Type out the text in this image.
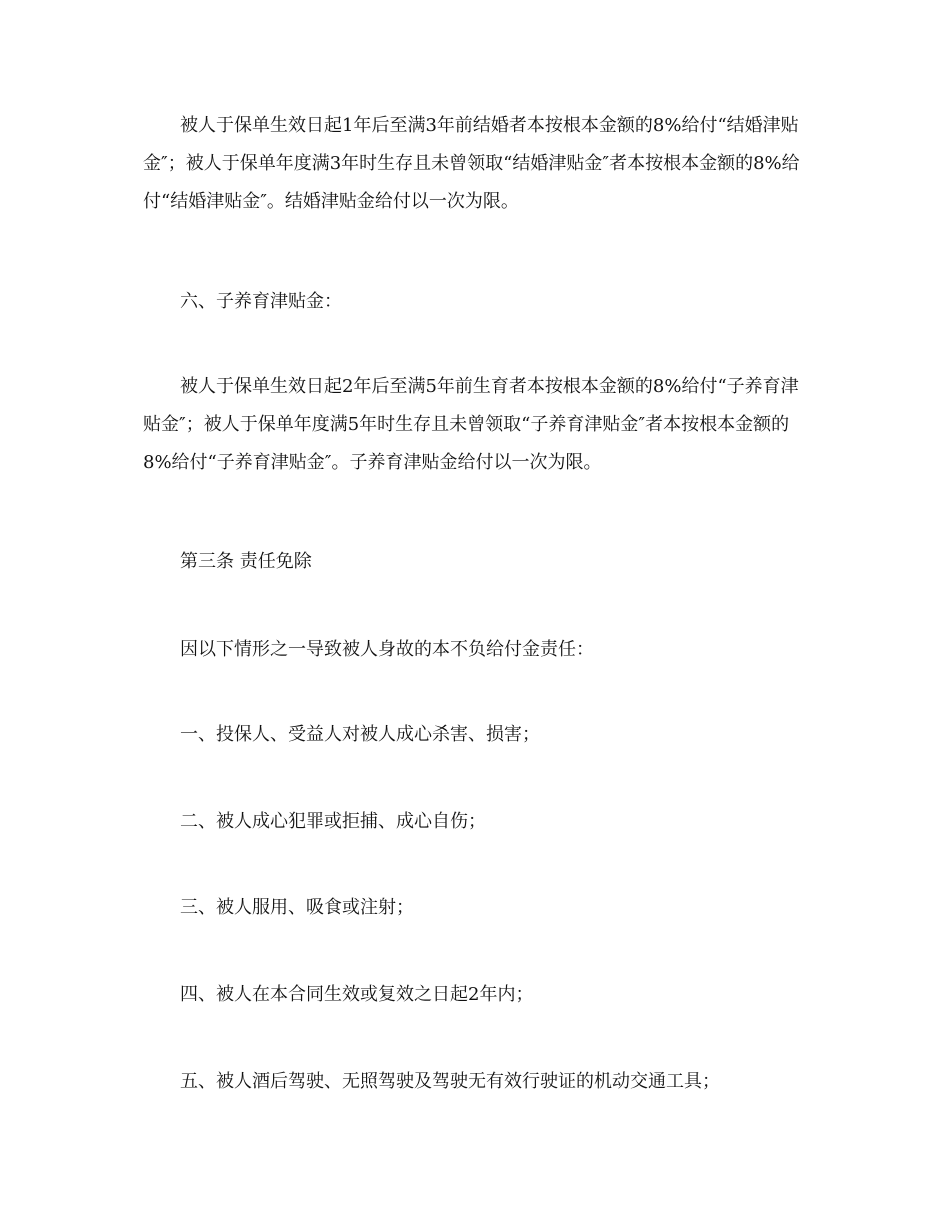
被人于保单生效日起1年后至满3年前结婚者本按根本金额的8%给付“结婚津贴金″；被人于保单年度满3年时生存且未曾领取“结婚津贴金″者本按根本金额的8%给付“结婚津贴金″。结婚津贴金给付以一次为限。

六、子养育津贴金：

被人于保单生效日起2年后至满5年前生育者本按根本金额的8%给付“子养育津贴金″；被人于保单年度满5年时生存且未曾领取“子养育津贴金″者本按根本金额的 8%给付“子养育津贴金″。子养育津贴金给付以一次为限。

第三条 责任免除

因以下情形之一导致被人身故的本不负给付金责任：

一、投保人、受益人对被人成心杀害、损害；

二、被人成心犯罪或拒捕、成心自伤；

三、被人服用、吸食或注射；

四、被人在本合同生效或复效之日起2年内；

五、被人酒后驾驶、无照驾驶及驾驶无有效行驶证的机动交通工具；
